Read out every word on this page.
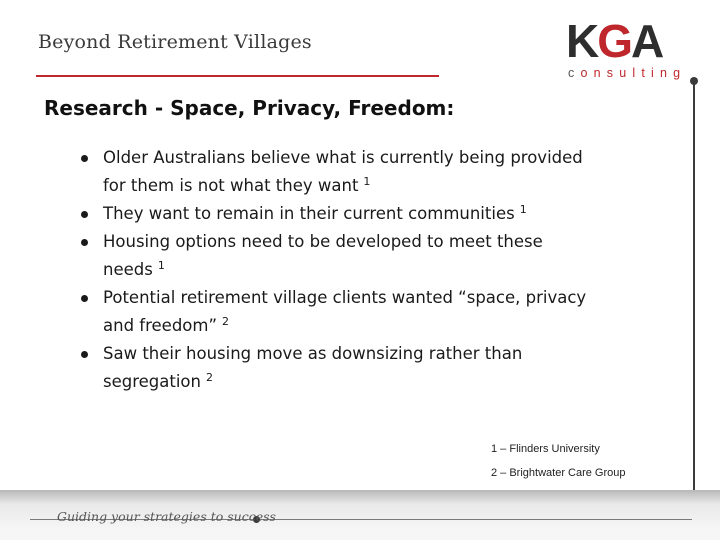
Beyond Retirement Villages	KGA
consulting
Research - Space, Privacy, Freedom:
Older Australians believe what is currently being provided for them is not what they want $^1$
They want to remain in their current communities $^1$
Housing options need to be developed to meet these needs $^1$
Potential retirement village clients wanted “space, privacy and freedom” $^2$
Saw their housing move as downsizing rather than segregation $^2$
1 – Flinders University
2 – Brightwater Care Group
Guiding your strategies to success
